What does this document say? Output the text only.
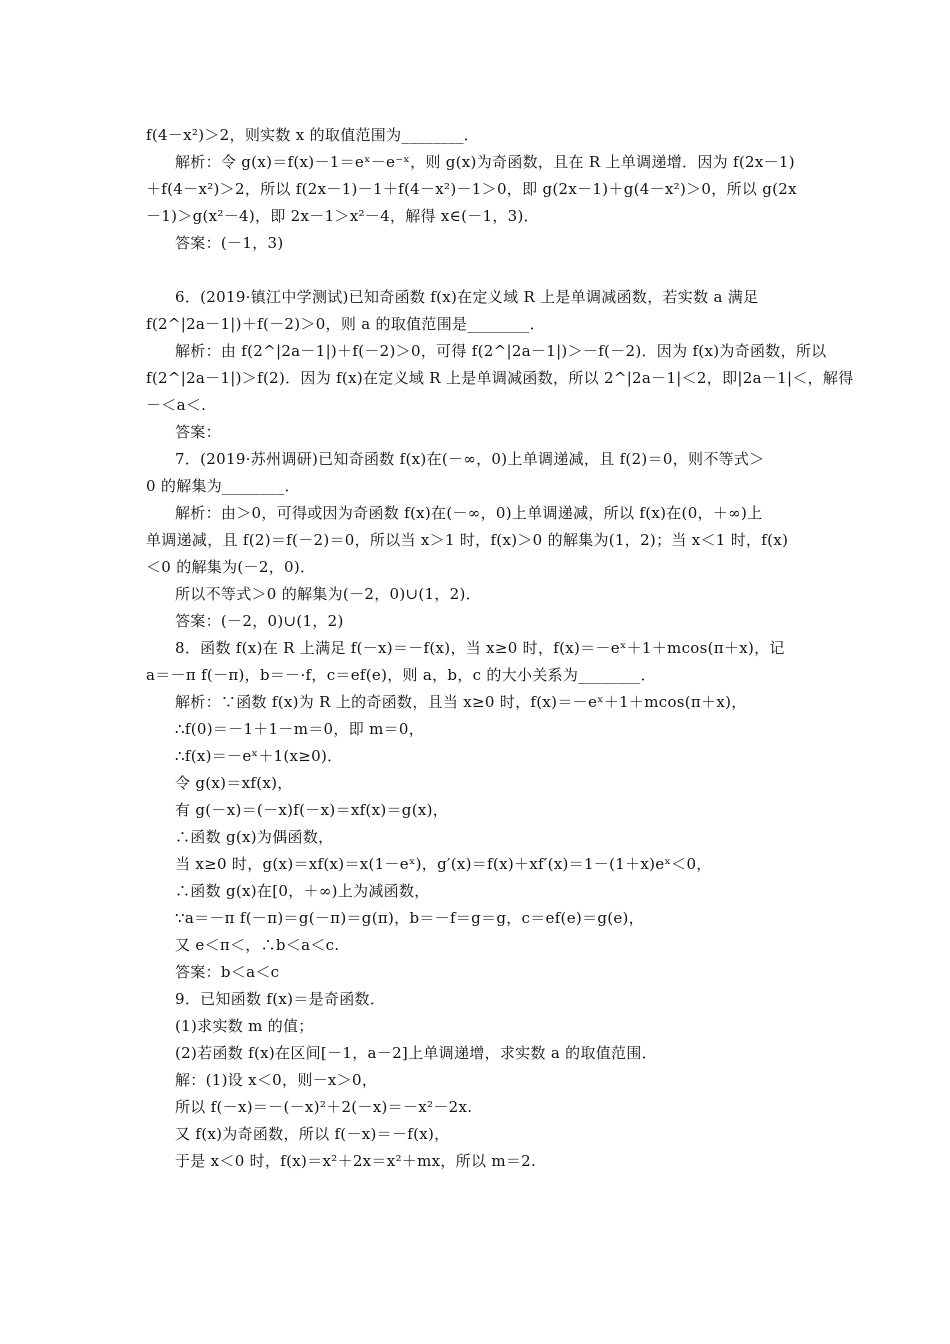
f(4－x²)＞2，则实数 x 的取值范围为________．
解析：令 g(x)＝f(x)－1＝eˣ－e⁻ˣ，则 g(x)为奇函数，且在 R 上单调递增．因为 f(2x－1)
＋f(4－x²)＞2，所以 f(2x－1)－1＋f(4－x²)－1＞0，即 g(2x－1)＋g(4－x²)＞0，所以 g(2x
－1)＞g(x²－4)，即 2x－1＞x²－4，解得 x∈(－1，3)．
答案：(－1，3)
6．(2019·镇江中学测试)已知奇函数 f(x)在定义域 R 上是单调减函数，若实数 a 满足
f(2^|2a－1|)＋f(－2)＞0，则 a 的取值范围是________．
解析：由 f(2^|2a－1|)＋f(－2)＞0，可得 f(2^|2a－1|)＞－f(－2)．因为 f(x)为奇函数，所以
f(2^|2a－1|)＞f(2)．因为 f(x)在定义域 R 上是单调减函数，所以 2^|2a－1|＜2，即|2a－1|＜，解得
－＜a＜.
答案：
7．(2019·苏州调研)已知奇函数 f(x)在(－∞，0)上单调递减，且 f(2)＝0，则不等式＞
0 的解集为________．
解析：由＞0，可得或因为奇函数 f(x)在(－∞，0)上单调递减，所以 f(x)在(0，＋∞)上
单调递减，且 f(2)＝f(－2)＝0，所以当 x＞1 时，f(x)＞0 的解集为(1，2)；当 x＜1 时，f(x)
＜0 的解集为(－2，0)．
所以不等式＞0 的解集为(－2，0)∪(1，2)．
答案：(－2，0)∪(1，2)
8．函数 f(x)在 R 上满足 f(－x)＝－f(x)，当 x≥0 时，f(x)＝－eˣ＋1＋mcos(π＋x)，记
a＝－π f(－π)，b＝－·f，c＝ef(e)，则 a，b，c 的大小关系为________．
解析：∵函数 f(x)为 R 上的奇函数，且当 x≥0 时，f(x)＝－eˣ＋1＋mcos(π＋x)，
∴f(0)＝－1＋1－m＝0，即 m＝0，
∴f(x)＝－eˣ＋1(x≥0)．
令 g(x)＝xf(x)，
有 g(－x)＝(－x)f(－x)＝xf(x)＝g(x)，
∴函数 g(x)为偶函数，
当 x≥0 时，g(x)＝xf(x)＝x(1－eˣ)，g′(x)＝f(x)＋xf′(x)＝1－(1＋x)eˣ＜0，
∴函数 g(x)在[0，＋∞)上为减函数，
∵a＝－π f(－π)＝g(－π)＝g(π)，b＝－f＝g＝g，c＝ef(e)＝g(e)，
又 e＜π＜，∴b＜a＜c.
答案：b＜a＜c
9．已知函数 f(x)＝是奇函数．
(1)求实数 m 的值；
(2)若函数 f(x)在区间[－1，a－2]上单调递增，求实数 a 的取值范围．
解：(1)设 x＜0，则－x＞0，
所以 f(－x)＝－(－x)²＋2(－x)＝－x²－2x.
又 f(x)为奇函数，所以 f(－x)＝－f(x)，
于是 x＜0 时，f(x)＝x²＋2x＝x²＋mx，所以 m＝2.
